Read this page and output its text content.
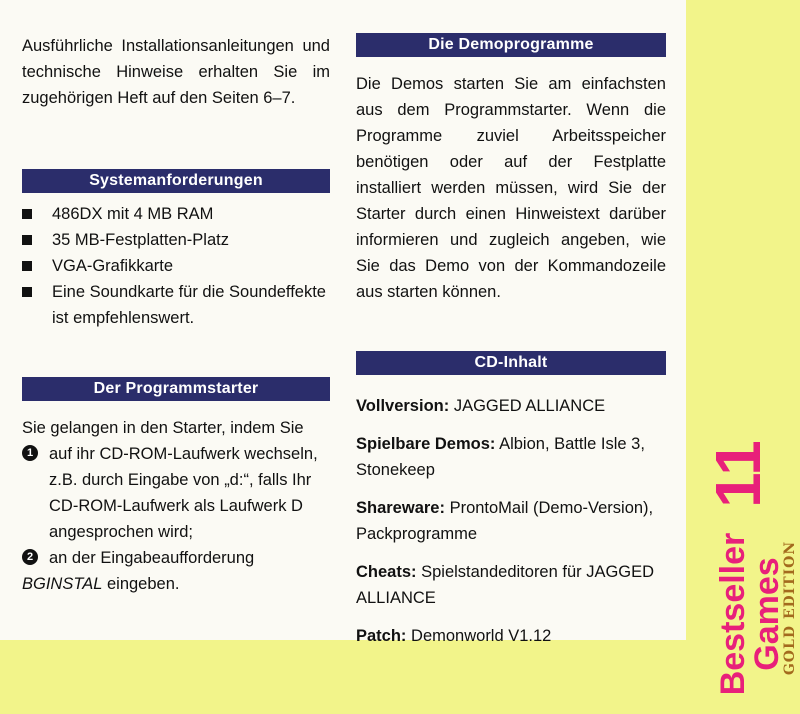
Ausführliche Installationsanleitungen und technische Hinweise erhalten Sie im zugehörigen Heft auf den Seiten 6–7.

Systemanforderungen
486DX mit 4 MB RAM
35 MB-Festplatten-Platz
VGA-Grafikkarte
Eine Soundkarte für die Soundeffekte ist empfehlenswert.
Der Programmstarter

Sie gelangen in den Starter, indem Sie

1 auf ihr CD-ROM-Laufwerk wechseln, z.B. durch Eingabe von „d:“, falls Ihr CD-ROM-Laufwerk als Laufwerk D angesprochen wird;
2 an der Eingabeaufforderung
BGINSTAL eingeben.
Die Demoprogramme

Die Demos starten Sie am einfachsten aus dem Programmstarter. Wenn die Programme zuviel Arbeitsspeicher benötigen oder auf der Festplatte installiert werden müssen, wird Sie der Starter durch einen Hinweistext darüber informieren und zugleich angeben, wie Sie das Demo von der Kommandozeile aus starten können.

CD-Inhalt
Vollversion: JAGGED ALLIANCE
Spielbare Demos: Albion, Battle Isle 3, Stonekeep
Shareware: ProntoMail (Demo-Version), Packprogramme
Cheats: Spielstandeditoren für JAGGED ALLIANCE
Patch: Demonworld V1.12
11
Bestseller Games
GOLD EDITION
